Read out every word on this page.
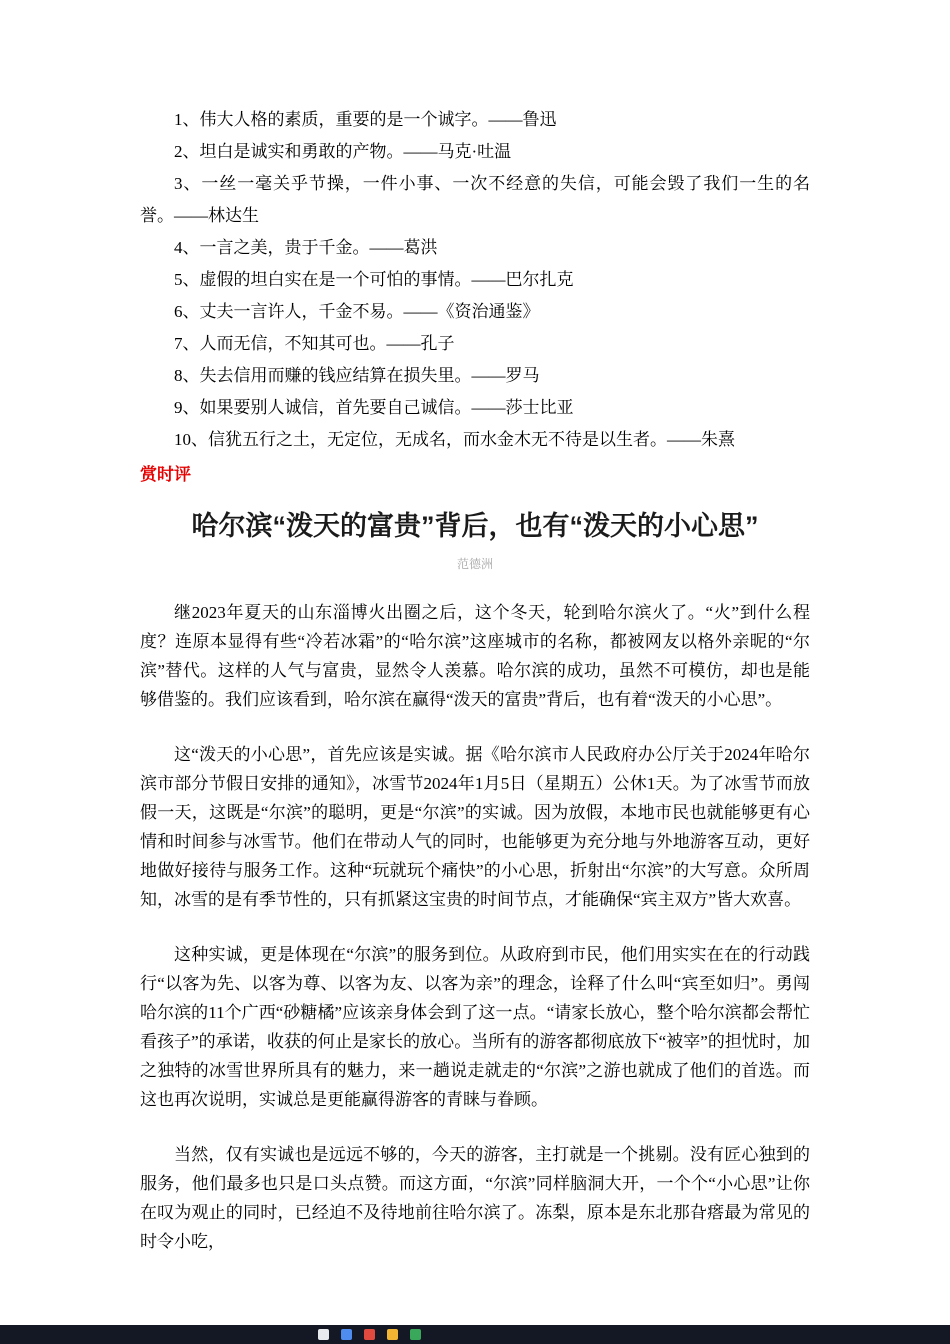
1、伟大人格的素质，重要的是一个诚字。——鲁迅

2、坦白是诚实和勇敢的产物。——马克·吐温

3、一丝一毫关乎节操，一件小事、一次不经意的失信，可能会毁了我们一生的名誉。——林达生

4、一言之美，贵于千金。——葛洪

5、虚假的坦白实在是一个可怕的事情。——巴尔扎克

6、丈夫一言许人，千金不易。——《资治通鉴》

7、人而无信，不知其可也。——孔子

8、失去信用而赚的钱应结算在损失里。——罗马

9、如果要别人诚信，首先要自己诚信。——莎士比亚

10、信犹五行之土，无定位，无成名，而水金木无不待是以生者。——朱熹

赏时评

哈尔滨“泼天的富贵”背后，也有“泼天的小心思”

范德洲

继2023年夏天的山东淄博火出圈之后，这个冬天，轮到哈尔滨火了。“火”到什么程度？连原本显得有些“冷若冰霜”的“哈尔滨”这座城市的名称，都被网友以格外亲昵的“尔滨”替代。这样的人气与富贵，显然令人羡慕。哈尔滨的成功，虽然不可模仿，却也是能够借鉴的。我们应该看到，哈尔滨在赢得“泼天的富贵”背后，也有着“泼天的小心思”。

这“泼天的小心思”，首先应该是实诚。据《哈尔滨市人民政府办公厅关于2024年哈尔滨市部分节假日安排的通知》，冰雪节2024年1月5日（星期五）公休1天。为了冰雪节而放假一天，这既是“尔滨”的聪明，更是“尔滨”的实诚。因为放假，本地市民也就能够更有心情和时间参与冰雪节。他们在带动人气的同时，也能够更为充分地与外地游客互动，更好地做好接待与服务工作。这种“玩就玩个痛快”的小心思，折射出“尔滨”的大写意。众所周知，冰雪的是有季节性的，只有抓紧这宝贵的时间节点，才能确保“宾主双方”皆大欢喜。

这种实诚，更是体现在“尔滨”的服务到位。从政府到市民，他们用实实在在的行动践行“以客为先、以客为尊、以客为友、以客为亲”的理念，诠释了什么叫“宾至如归”。勇闯哈尔滨的11个广西“砂糖橘”应该亲身体会到了这一点。“请家长放心，整个哈尔滨都会帮忙看孩子”的承诺，收获的何止是家长的放心。当所有的游客都彻底放下“被宰”的担忧时，加之独特的冰雪世界所具有的魅力，来一趟说走就走的“尔滨”之游也就成了他们的首选。而这也再次说明，实诚总是更能赢得游客的青睐与眷顾。

当然，仅有实诚也是远远不够的，今天的游客，主打就是一个挑剔。没有匠心独到的服务，他们最多也只是口头点赞。而这方面，“尔滨”同样脑洞大开，一个个“小心思”让你在叹为观止的同时，已经迫不及待地前往哈尔滨了。冻梨，原本是东北那旮瘩最为常见的时令小吃，
